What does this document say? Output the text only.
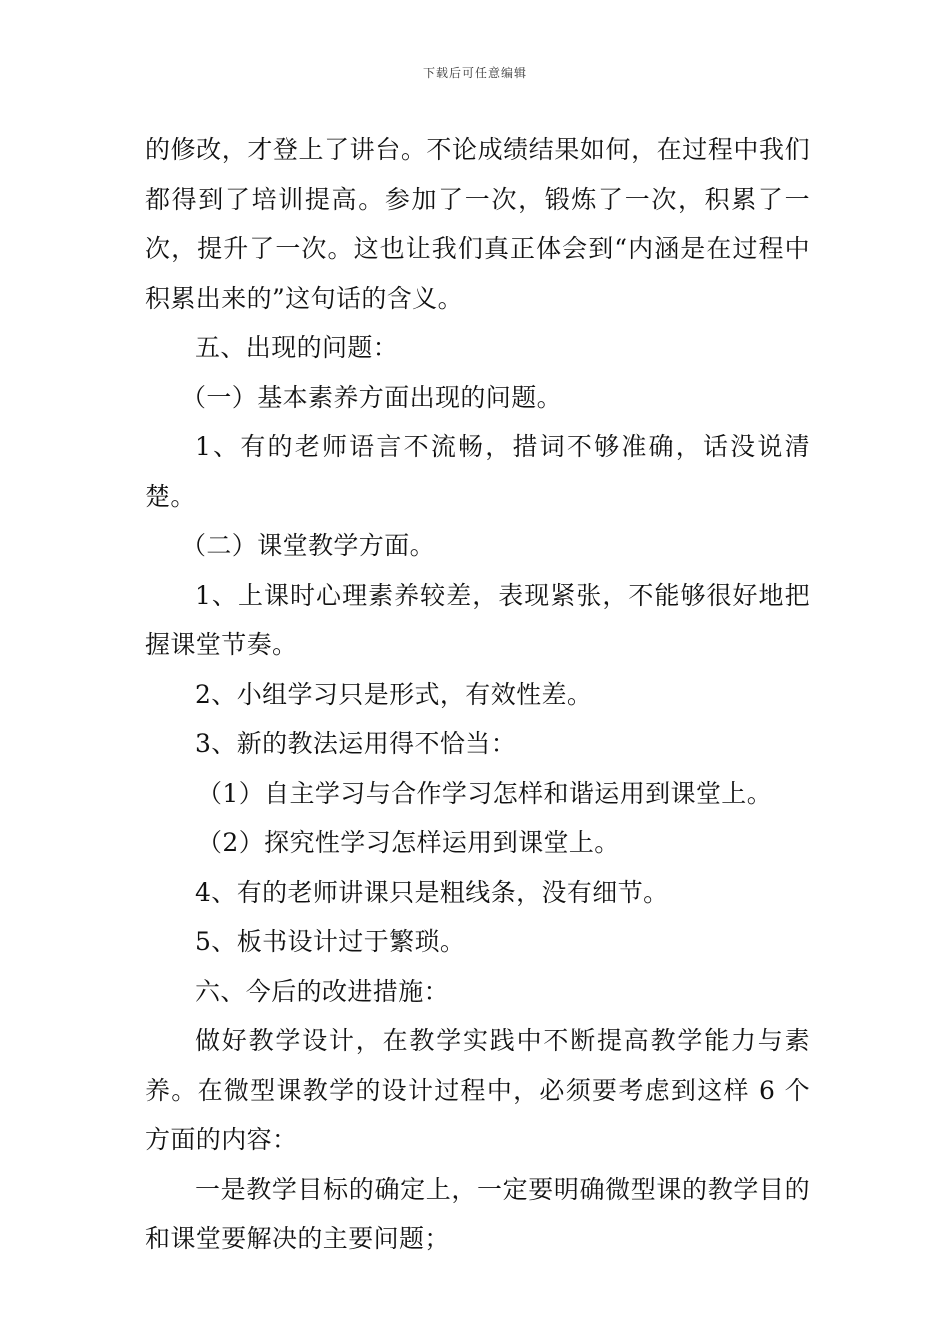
下载后可任意编辑

的修改，才登上了讲台。不论成绩结果如何，在过程中我们都得到了培训提高。参加了一次，锻炼了一次，积累了一次，提升了一次。这也让我们真正体会到“内涵是在过程中积累出来的”这句话的含义。

五、出现的问题：

（一）基本素养方面出现的问题。

1、有的老师语言不流畅，措词不够准确，话没说清楚。

（二）课堂教学方面。

1、上课时心理素养较差，表现紧张，不能够很好地把握课堂节奏。

2、小组学习只是形式，有效性差。

3、新的教法运用得不恰当：

（1）自主学习与合作学习怎样和谐运用到课堂上。

（2）探究性学习怎样运用到课堂上。

4、有的老师讲课只是粗线条，没有细节。

5、板书设计过于繁琐。

六、今后的改进措施：

做好教学设计，在教学实践中不断提高教学能力与素养。在微型课教学的设计过程中，必须要考虑到这样 6 个方面的内容：

一是教学目标的确定上，一定要明确微型课的教学目的和课堂要解决的主要问题；
